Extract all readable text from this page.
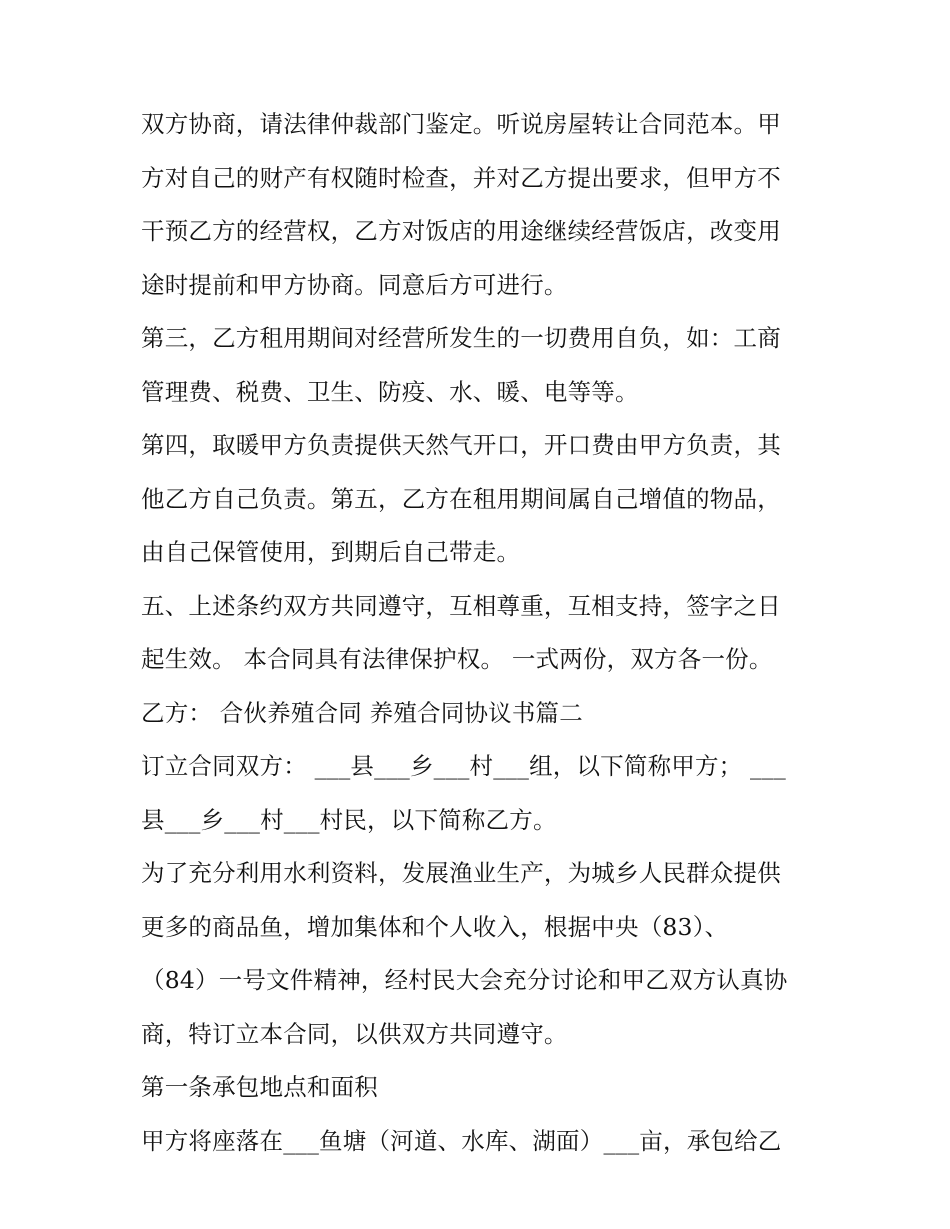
双方协商，请法律仲裁部门鉴定。听说房屋转让合同范本。甲
方对自己的财产有权随时检查，并对乙方提出要求，但甲方不
干预乙方的经营权，乙方对饭店的用途继续经营饭店，改变用
途时提前和甲方协商。同意后方可进行。
第三，乙方租用期间对经营所发生的一切费用自负，如：工商
管理费、税费、卫生、防疫、水、暖、电等等。
第四，取暖甲方负责提供天然气开口，开口费由甲方负责，其
他乙方自己负责。第五，乙方在租用期间属自己增值的物品，
由自己保管使用，到期后自己带走。
五、上述条约双方共同遵守，互相尊重，互相支持，签字之日
起生效。 本合同具有法律保护权。 一式两份，双方各一份。
乙方： 合伙养殖合同 养殖合同协议书篇二
订立合同双方： ___县___乡___村___组，以下简称甲方； ___
县___乡___村___村民，以下简称乙方。
为了充分利用水利资料，发展渔业生产，为城乡人民群众提供
更多的商品鱼，增加集体和个人收入，根据中央（83）、
（84）一号文件精神，经村民大会充分讨论和甲乙双方认真协
商，特订立本合同，以供双方共同遵守。
第一条承包地点和面积
甲方将座落在___鱼塘（河道、水库、湖面）___亩，承包给乙
